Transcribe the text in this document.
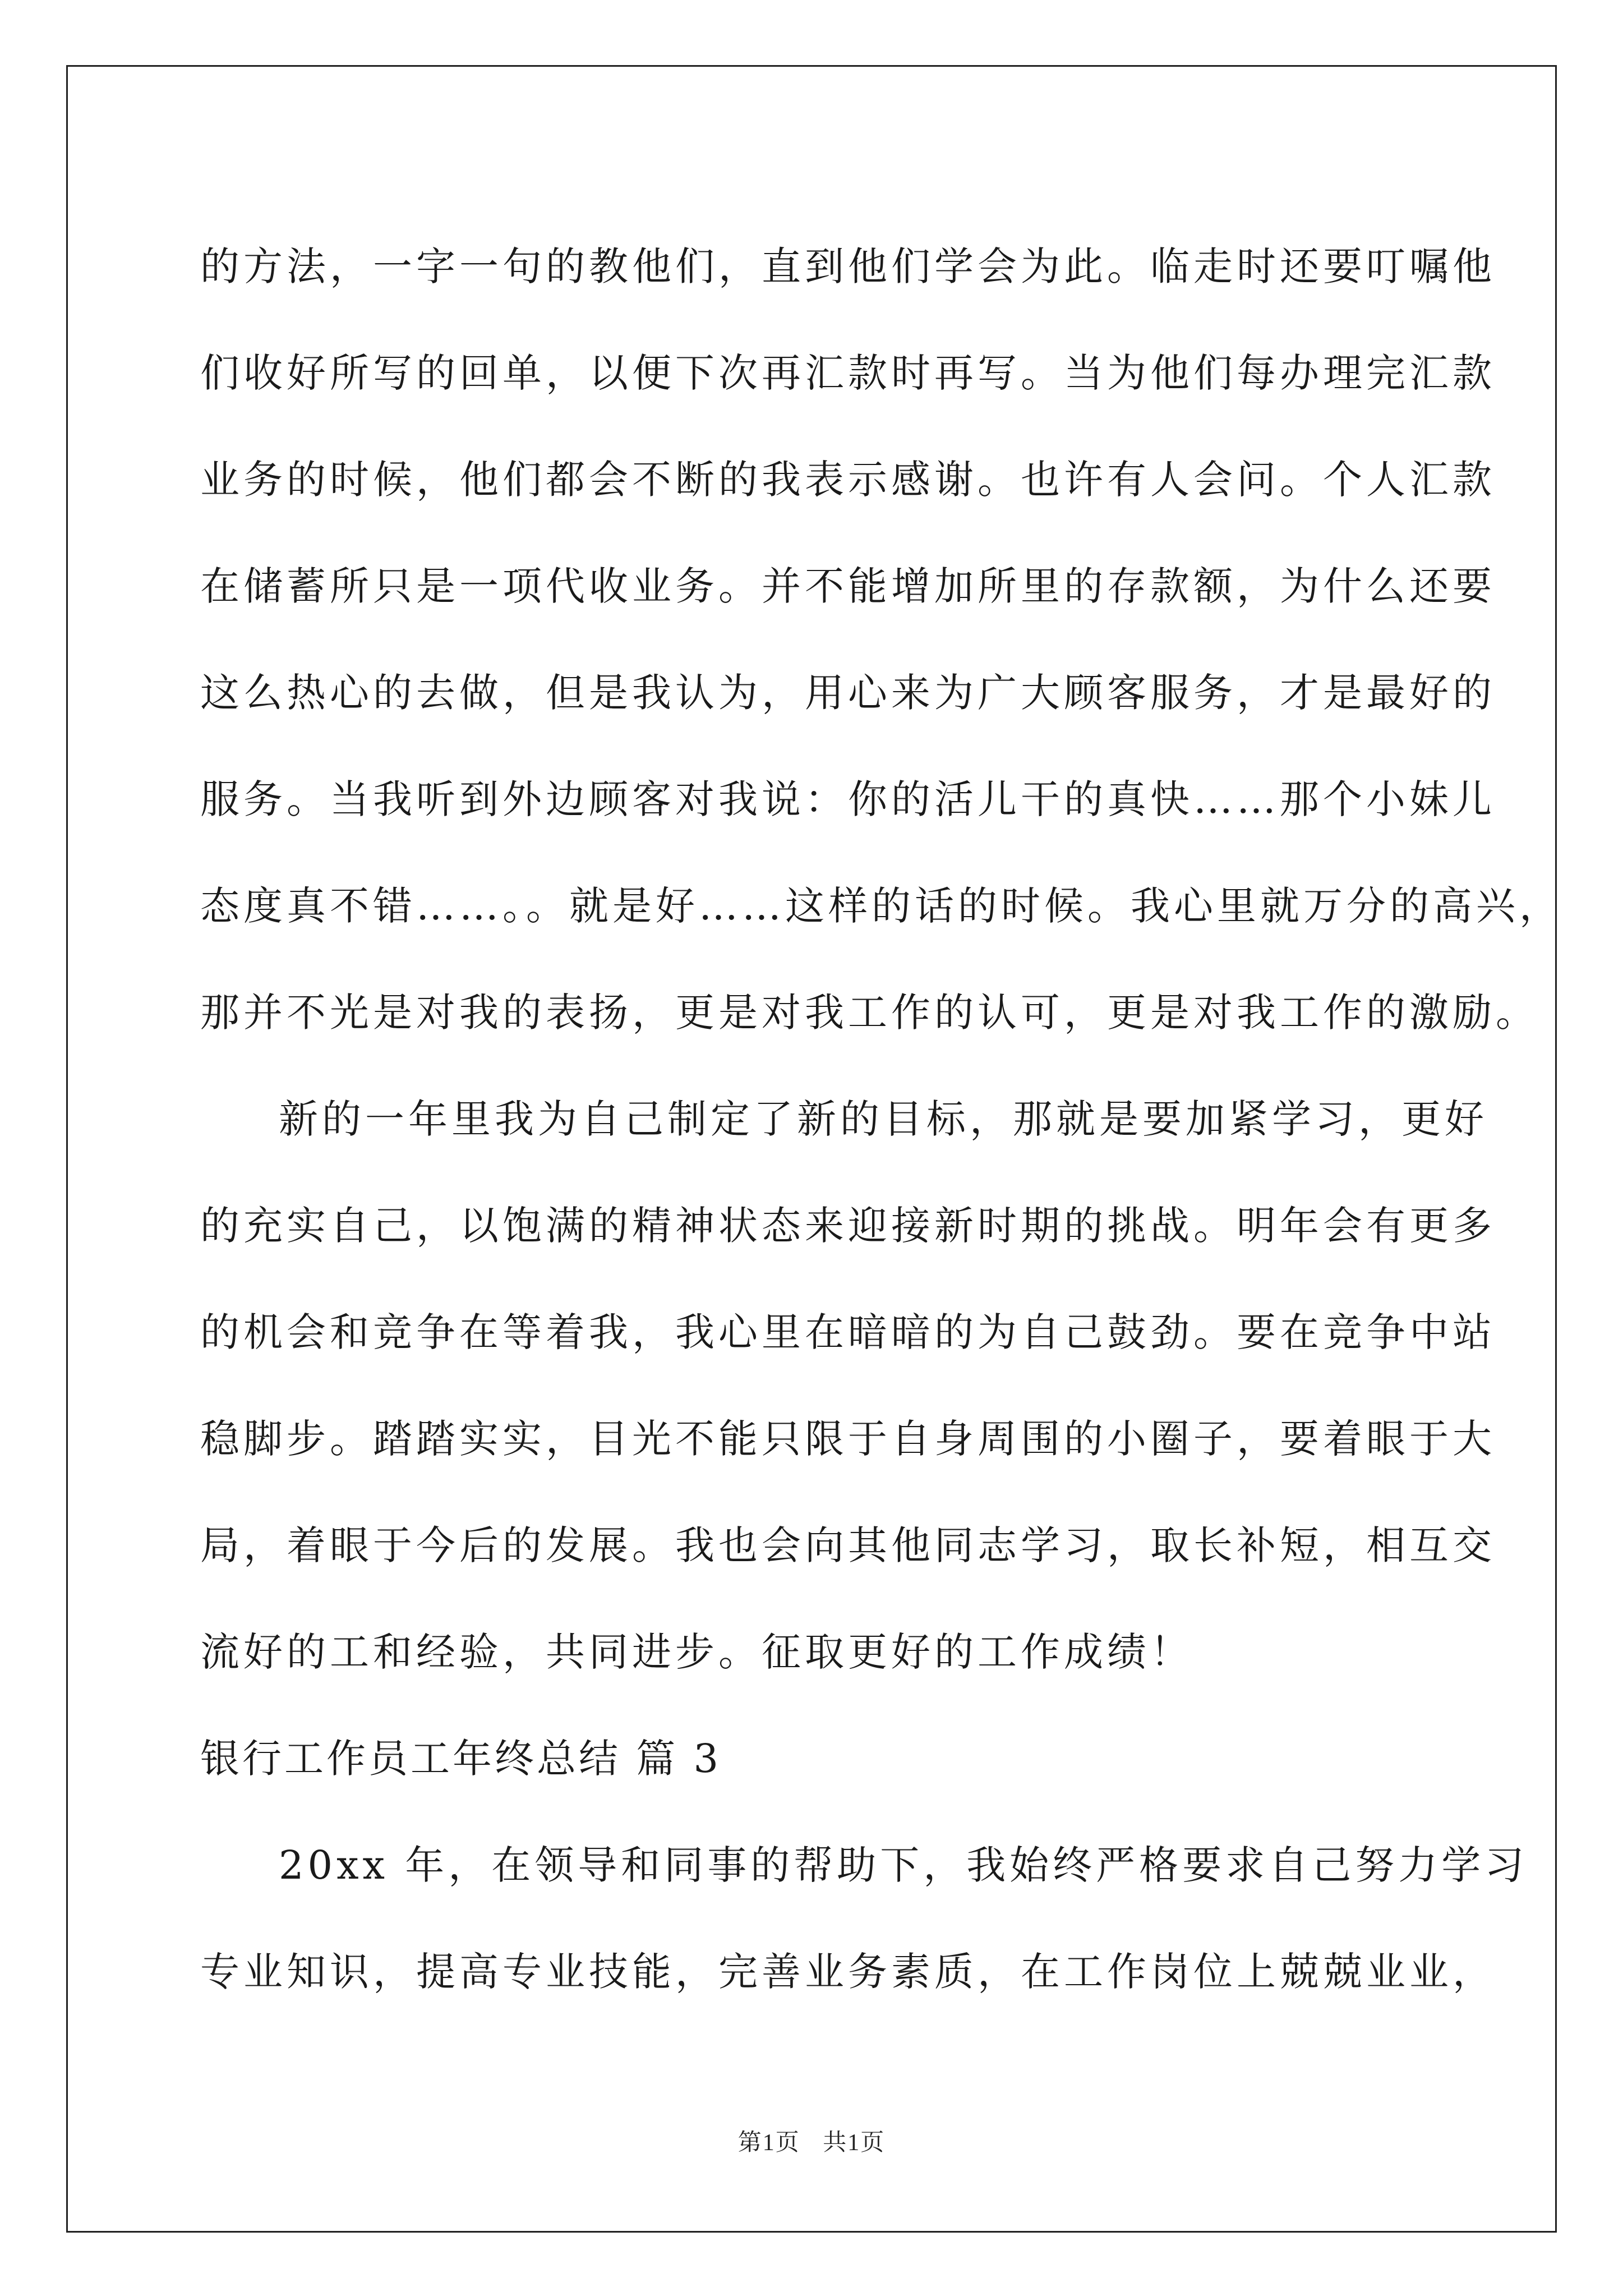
的方法，一字一句的教他们，直到他们学会为此。临走时还要叮嘱他
们收好所写的回单，以便下次再汇款时再写。当为他们每办理完汇款
业务的时候，他们都会不断的我表示感谢。也许有人会问。个人汇款
在储蓄所只是一项代收业务。并不能增加所里的存款额，为什么还要
这么热心的去做，但是我认为，用心来为广大顾客服务，才是最好的
服务。当我听到外边顾客对我说：你的活儿干的真快……那个小妹儿
态度真不错……。。就是好……这样的话的时候。我心里就万分的高兴，
那并不光是对我的表扬，更是对我工作的认可，更是对我工作的激励。
新的一年里我为自己制定了新的目标，那就是要加紧学习，更好
的充实自己，以饱满的精神状态来迎接新时期的挑战。明年会有更多
的机会和竞争在等着我，我心里在暗暗的为自己鼓劲。要在竞争中站
稳脚步。踏踏实实，目光不能只限于自身周围的小圈子，要着眼于大
局，着眼于今后的发展。我也会向其他同志学习，取长补短，相互交
流好的工和经验，共同进步。征取更好的工作成绩！
银行工作员工年终总结 篇 3
20xx 年，在领导和同事的帮助下，我始终严格要求自己努力学习
专业知识，提高专业技能，完善业务素质，在工作岗位上兢兢业业，
第1页 共1页
